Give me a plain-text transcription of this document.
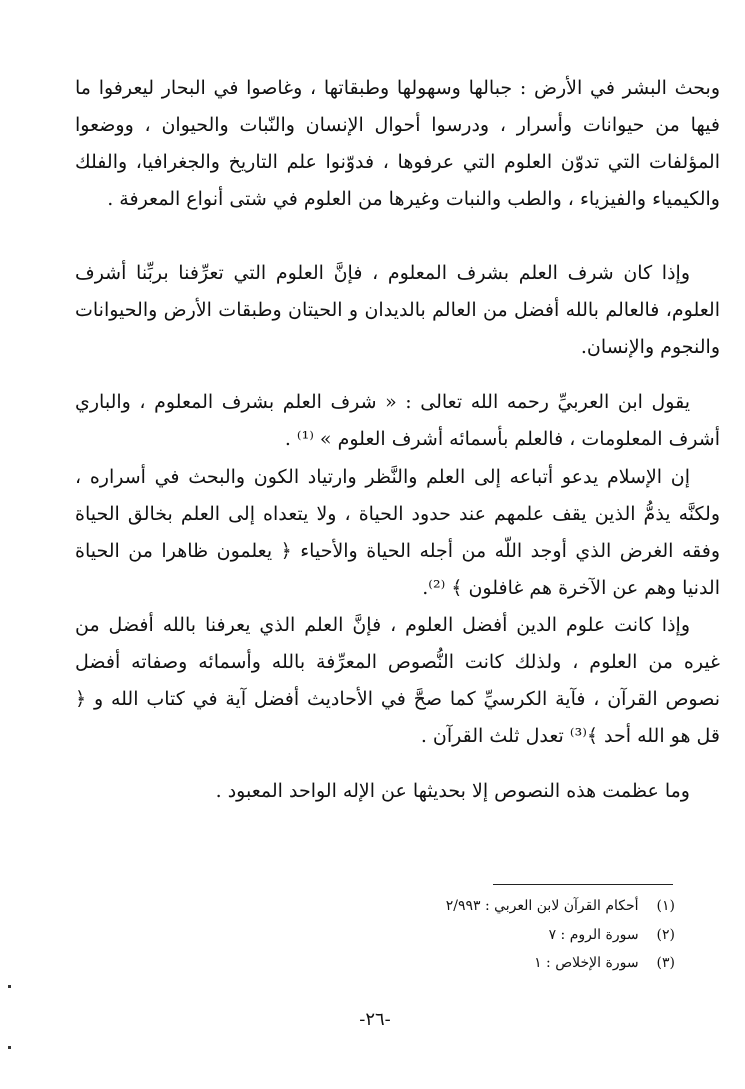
وبحث البشر في الأرض : جبالها وسهولها وطبقاتها ، وغاصوا في البحار ليعرفوا ما فيها من حيوانات وأسرار ، ودرسوا أحوال الإنسان والنّبات والحيوان ، ووضعوا المؤلفات التي تدوّن العلوم التي عرفوها ، فدوّنوا علم التاريخ والجغرافيا، والفلك والكيمياء والفيزياء ، والطب والنبات وغيرها من العلوم في شتى أنواع المعرفة .

وإذا كان شرف العلم بشرف المعلوم ، فإنَّ العلوم التي تعرِّفنا بربِّنا أشرف العلوم، فالعالم بالله أفضل من العالم بالديدان و الحيتان وطبقات الأرض والحيوانات والنجوم والإنسان.

يقول ابن العربيِّ رحمه الله تعالى : « شرف العلم بشرف المعلوم ، والباري أشرف المعلومات ، فالعلم بأسمائه أشرف العلوم » ⁽¹⁾ .

إن الإسلام يدعو أتباعه إلى العلم والنَّظر وارتياد الكون والبحث في أسراره ، ولكنَّه يذمُّ الذين يقف علمهم عند حدود الحياة ، ولا يتعداه إلى العلم بخالق الحياة وفقه الغرض الذي أوجد اللّه من أجله الحياة والأحياء ﴿ يعلمون ظاهرا من الحياة الدنيا وهم عن الآخرة هم غافلون ﴾ ⁽²⁾.

وإذا كانت علوم الدين أفضل العلوم ، فإنَّ العلم الذي يعرفنا بالله أفضل من غيره من العلوم ، ولذلك كانت النُّصوص المعرِّفة بالله وأسمائه وصفاته أفضل نصوص القرآن ، فآية الكرسيِّ كما صحَّ في الأحاديث أفضل آية في كتاب الله و ﴿ قل هو الله أحد ﴾⁽³⁾ تعدل ثلث القرآن .

وما عظمت هذه النصوص إلا بحديثها عن الإله الواحد المعبود .

(١) أحكام القرآن لابن العربي : ٢/٩٩٣
(٢) سورة الروم : ٧
(٣) سورة الإخلاص : ١
-٢٦-
